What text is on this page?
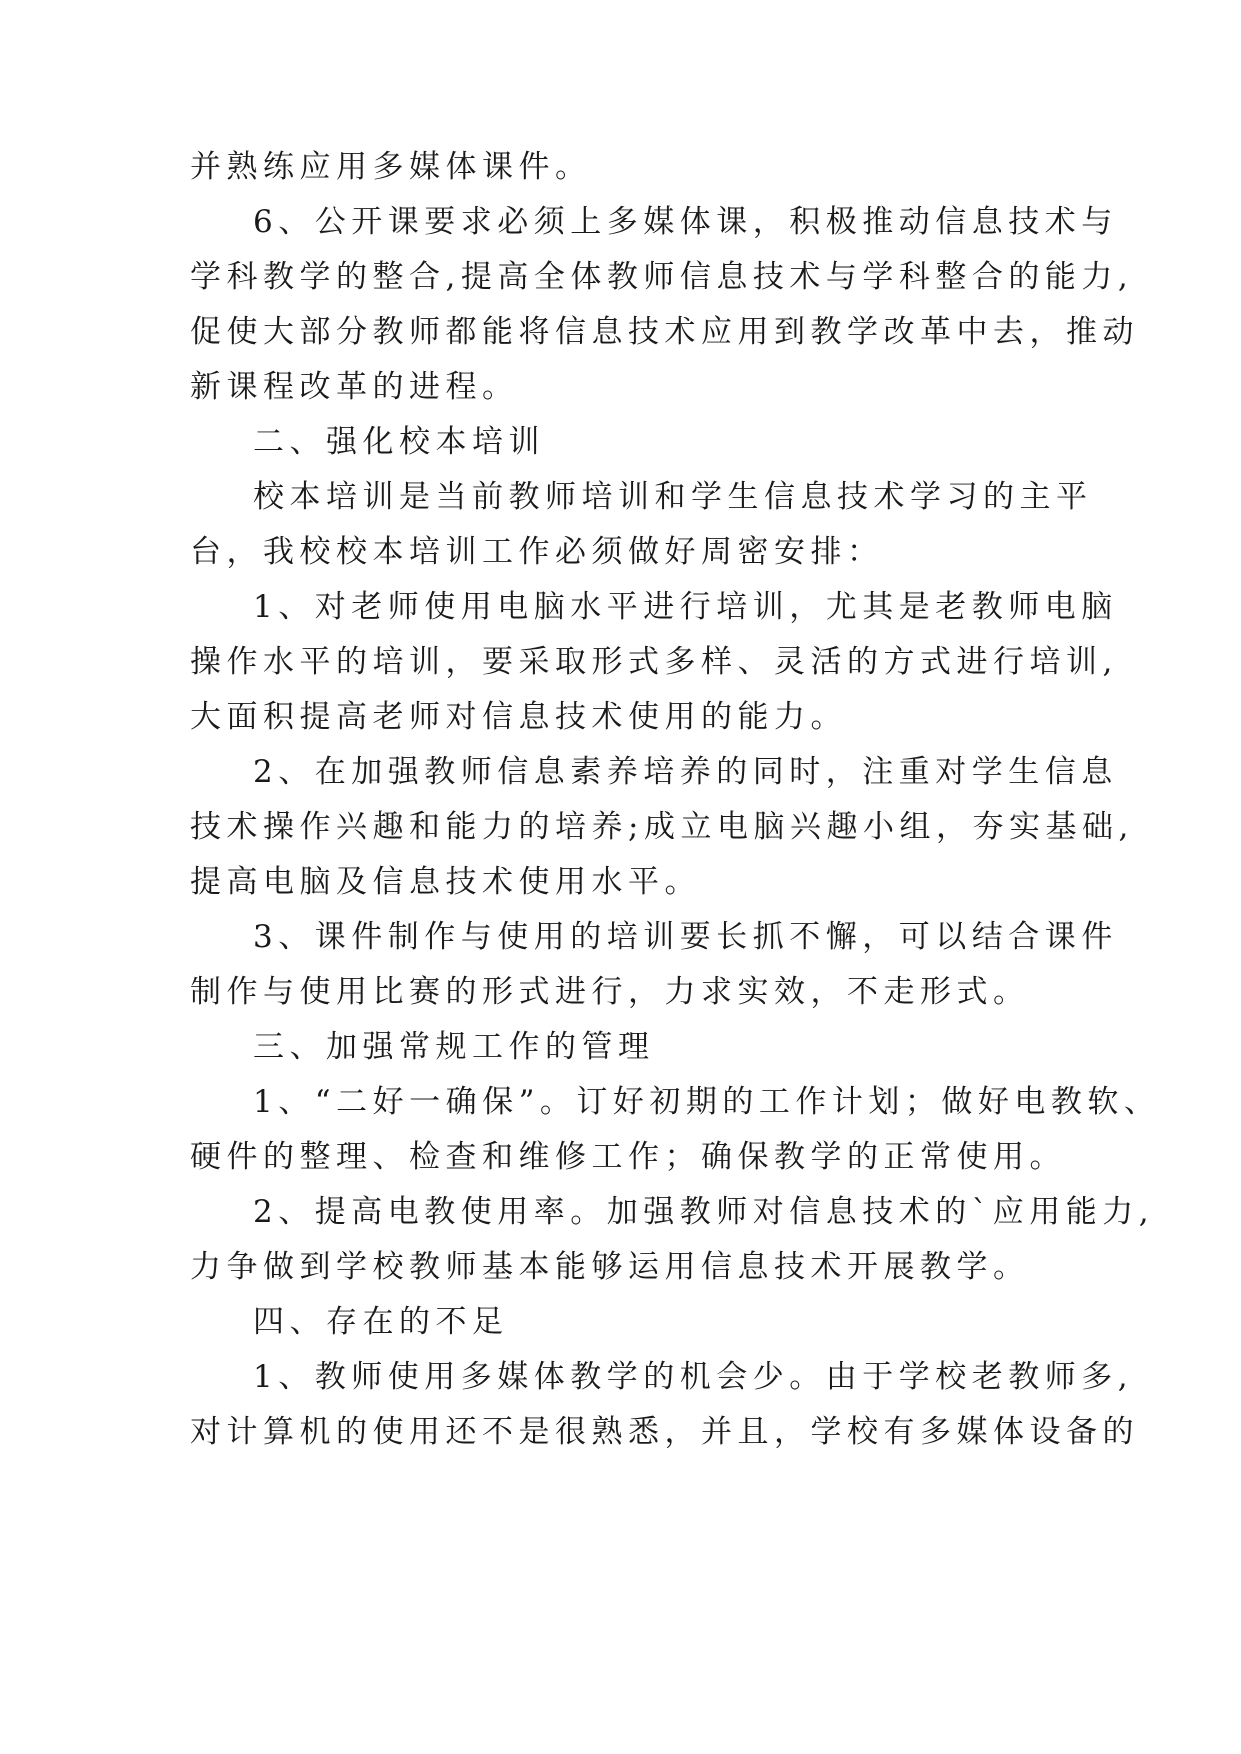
并熟练应用多媒体课件。
6、公开课要求必须上多媒体课，积极推动信息技术与
学科教学的整合,提高全体教师信息技术与学科整合的能力,
促使大部分教师都能将信息技术应用到教学改革中去，推动
新课程改革的进程。
二、强化校本培训
校本培训是当前教师培训和学生信息技术学习的主平
台，我校校本培训工作必须做好周密安排：
1、对老师使用电脑水平进行培训，尤其是老教师电脑
操作水平的培训，要采取形式多样、灵活的方式进行培训,
大面积提高老师对信息技术使用的能力。
2、在加强教师信息素养培养的同时，注重对学生信息
技术操作兴趣和能力的培养;成立电脑兴趣小组，夯实基础,
提高电脑及信息技术使用水平。
3、课件制作与使用的培训要长抓不懈，可以结合课件
制作与使用比赛的形式进行，力求实效，不走形式。
三、加强常规工作的管理
1、“二好一确保”。订好初期的工作计划；做好电教软、
硬件的整理、检查和维修工作；确保教学的正常使用。
2、提高电教使用率。加强教师对信息技术的`应用能力,
力争做到学校教师基本能够运用信息技术开展教学。
四、存在的不足
1、教师使用多媒体教学的机会少。由于学校老教师多,
对计算机的使用还不是很熟悉，并且，学校有多媒体设备的
